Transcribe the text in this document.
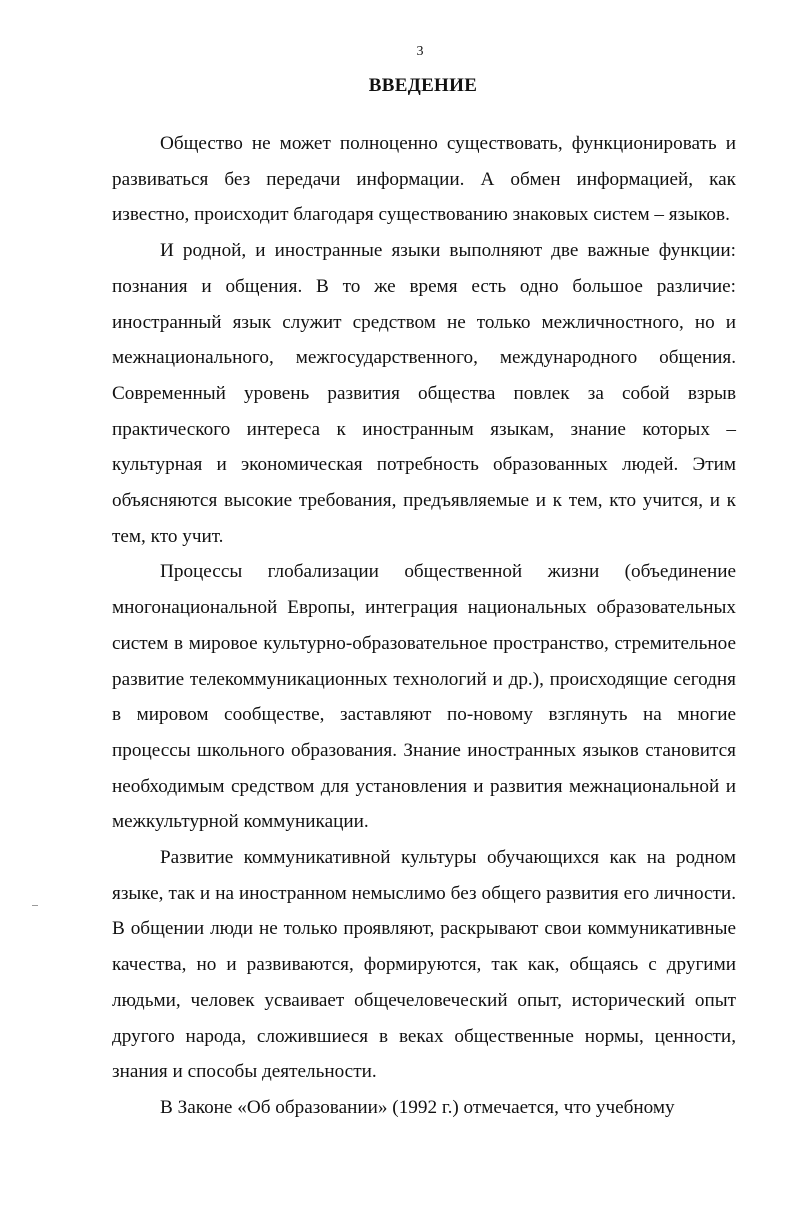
3
ВВЕДЕНИЕ

Общество не может полноценно существовать, функционировать и развиваться без передачи информации. А обмен информацией, как известно, происходит благодаря существованию знаковых систем – языков.

И родной, и иностранные языки выполняют две важные функции: познания и общения. В то же время есть одно большое различие: иностранный язык служит средством не только межличностного, но и межнационального, межгосударственного, международного общения. Современный уровень развития общества повлек за собой взрыв практического интереса к иностранным языкам, знание которых – культурная и экономическая потребность образованных людей. Этим объясняются высокие требования, предъявляемые и к тем, кто учится, и к тем, кто учит.

Процессы глобализации общественной жизни (объединение многонациональной Европы, интеграция национальных образовательных систем в мировое культурно-образовательное пространство, стремительное развитие телекоммуникационных технологий и др.), происходящие сегодня в мировом сообществе, заставляют по-новому взглянуть на многие процессы школьного образования. Знание иностранных языков становится необходимым средством для установления и развития межнациональной и межкультурной коммуникации.

Развитие коммуникативной культуры обучающихся как на родном языке, так и на иностранном немыслимо без общего развития его личности. В общении люди не только проявляют, раскрывают свои коммуникативные качества, но и развиваются, формируются, так как, общаясь с другими людьми, человек усваивает общечеловеческий опыт, исторический опыт другого народа, сложившиеся в веках общественные нормы, ценности, знания и способы деятельности.

В Законе «Об образовании» (1992 г.) отмечается, что учебному
